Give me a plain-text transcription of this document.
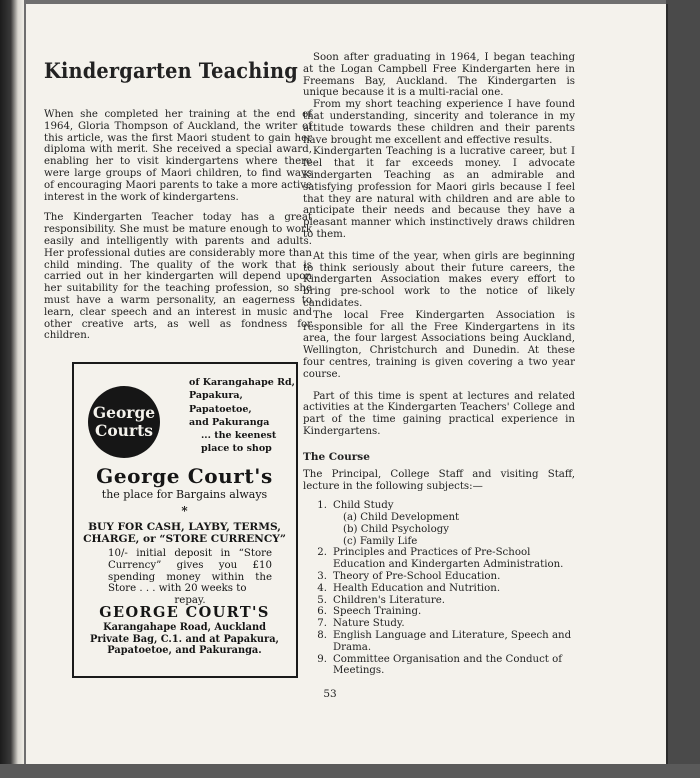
Kindergarten Teaching

When she completed her training at the end of 1964, Gloria Thompson of Auckland, the writer of this article, was the first Maori student to gain her diploma with merit. She received a special award, enabling her to visit kindergartens where there were large groups of Maori children, to find ways of encouraging Maori parents to take a more active interest in the work of kindergartens.

The Kindergarten Teacher today has a great responsibility. She must be mature enough to work easily and intelligently with parents and adults. Her professional duties are considerably more than child minding. The quality of the work that is carried out in her kindergarten will depend upon her suitability for the teaching profession, so she must have a warm personality, an eagerness to learn, clear speech and an interest in music and other creative arts, as well as fondness for children.

George
Courts
of Karangahape Rd,
Papakura,
Papatoetoe,
and Pakuranga
... the keenest place to shop
George Court's
the place for Bargains always
*
BUY FOR CASH, LAYBY, TERMS, CHARGE, or “STORE CURRENCY”
10/- initial deposit in “Store Currency” gives you £10 spending money within the Store . . . with 20 weeks to
repay.
GEORGE COURT'S
Karangahape Road, Auckland Private Bag, C.1. and at Papakura, Papatoetoe, and Pakuranga.

Soon after graduating in 1964, I began teaching at the Logan Campbell Free Kindergarten here in Freemans Bay, Auckland. The Kindergarten is unique because it is a multi-racial one.

From my short teaching experience I have found that understanding, sincerity and tolerance in my attitude towards these children and their parents have brought me excellent and effective results.

Kindergarten Teaching is a lucrative career, but I feel that it far exceeds money. I advocate Kindergarten Teaching as an admirable and satisfying profession for Maori girls because I feel that they are natural with children and are able to anticipate their needs and because they have a pleasant manner which instinctively draws children to them.

At this time of the year, when girls are beginning to think seriously about their future careers, the Kindergarten Association makes every effort to bring pre-school work to the notice of likely candidates.

The local Free Kindergarten Association is responsible for all the Free Kindergartens in its area, the four largest Associations being Auckland, Wellington, Christchurch and Dunedin. At these four centres, training is given covering a two year course.

Part of this time is spent at lectures and related activities at the Kindergarten Teachers' College and part of the time gaining practical experience in Kindergartens.

The Course

The Principal, College Staff and visiting Staff, lecture in the following subjects:—

1. Child Study
(a) Child Development
(b) Child Psychology
(c) Family Life
2. Principles and Practices of Pre-School Education and Kindergarten Administration.
3. Theory of Pre-School Education.
4. Health Education and Nutrition.
5. Children's Literature.
6. Speech Training.
7. Nature Study.
8. English Language and Literature, Speech and Drama.
9. Committee Organisation and the Conduct of Meetings.
53
